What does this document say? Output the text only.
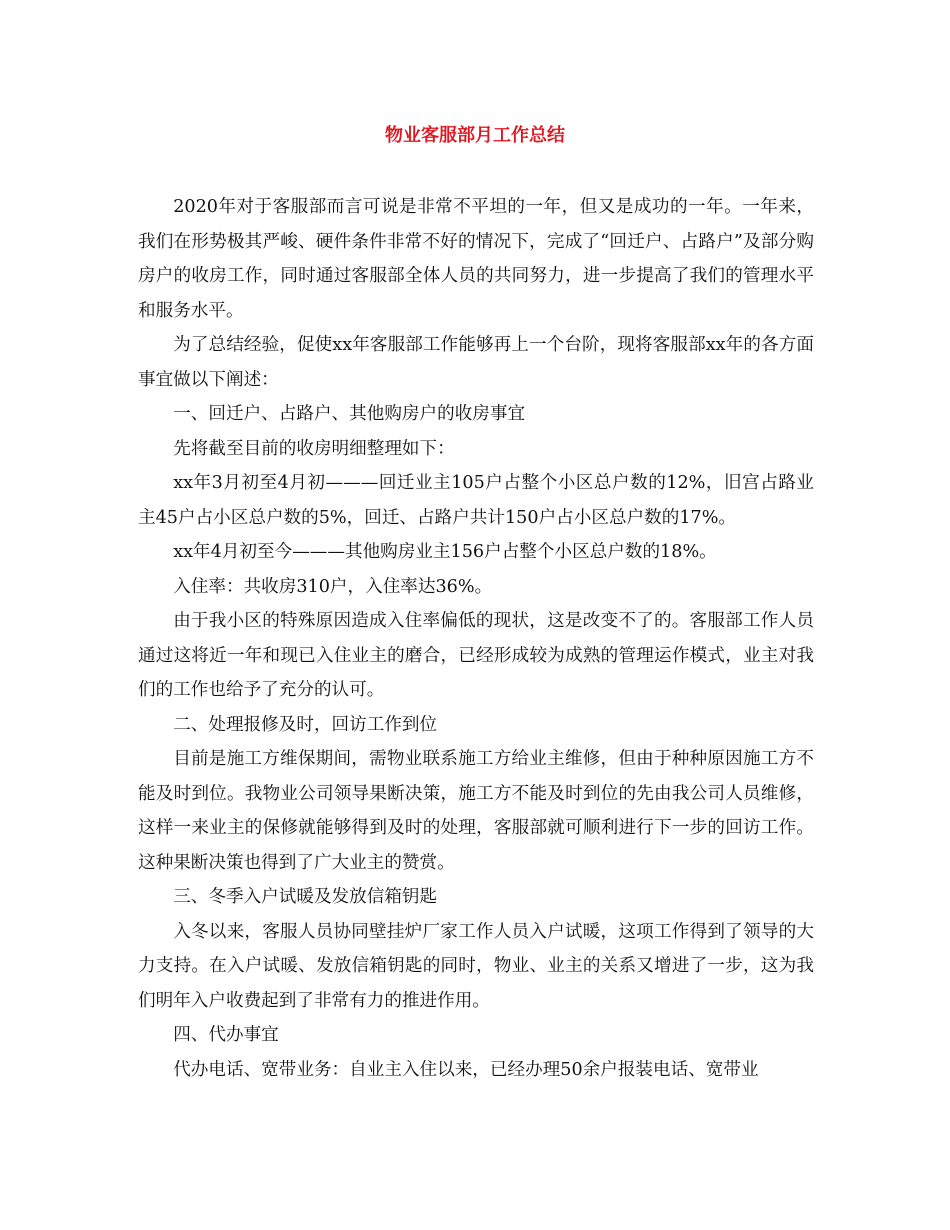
物业客服部月工作总结

2020年对于客服部而言可说是非常不平坦的一年，但又是成功的一年。一年来，我们在形势极其严峻、硬件条件非常不好的情况下，完成了“回迁户、占路户”及部分购房户的收房工作，同时通过客服部全体人员的共同努力，进一步提高了我们的管理水平和服务水平。

为了总结经验，促使xx年客服部工作能够再上一个台阶，现将客服部xx年的各方面事宜做以下阐述：

一、回迁户、占路户、其他购房户的收房事宜

先将截至目前的收房明细整理如下：

xx年3月初至4月初———回迁业主105户占整个小区总户数的12%，旧宫占路业主45户占小区总户数的5%，回迁、占路户共计150户占小区总户数的17%。

xx年4月初至今———其他购房业主156户占整个小区总户数的18%。

入住率：共收房310户，入住率达36%。

由于我小区的特殊原因造成入住率偏低的现状，这是改变不了的。客服部工作人员通过这将近一年和现已入住业主的磨合，已经形成较为成熟的管理运作模式，业主对我们的工作也给予了充分的认可。

二、处理报修及时，回访工作到位

目前是施工方维保期间，需物业联系施工方给业主维修，但由于种种原因施工方不能及时到位。我物业公司领导果断决策，施工方不能及时到位的先由我公司人员维修，这样一来业主的保修就能够得到及时的处理，客服部就可顺利进行下一步的回访工作。这种果断决策也得到了广大业主的赞赏。

三、冬季入户试暖及发放信箱钥匙

入冬以来，客服人员协同壁挂炉厂家工作人员入户试暖，这项工作得到了领导的大力支持。在入户试暖、发放信箱钥匙的同时，物业、业主的关系又增进了一步，这为我们明年入户收费起到了非常有力的推进作用。

四、代办事宜

代办电话、宽带业务：自业主入住以来，已经办理50余户报装电话、宽带业
